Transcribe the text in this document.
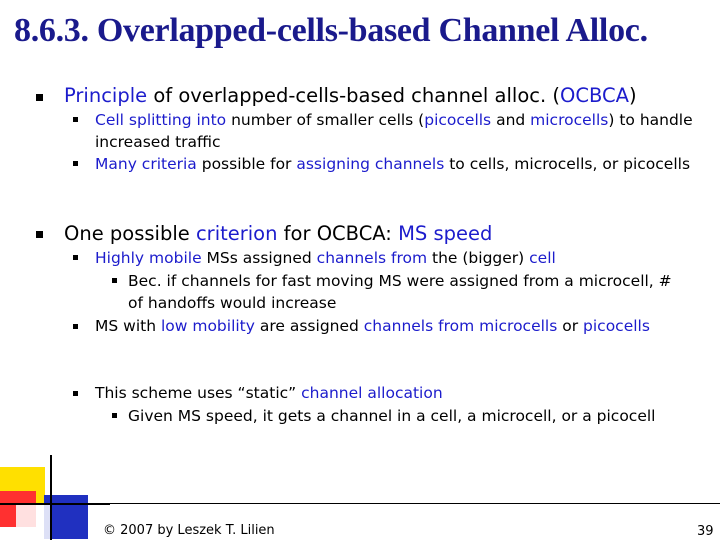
8.6.3. Overlapped-cells-based Channel Alloc.
Principle of overlapped-cells-based channel alloc. (OCBCA)
Cell splitting into number of smaller cells (picocells and microcells) to handle increased traffic
Many criteria possible for assigning channels to cells, microcells, or picocells
One possible criterion for OCBCA: MS speed
Highly mobile MSs assigned channels from the (bigger) cell
Bec. if channels for fast moving MS were assigned from a microcell, # of handoffs would increase
MS with low mobility are assigned channels from microcells or picocells
This scheme uses “static” channel allocation
Given MS speed, it gets a channel in a cell, a microcell, or a picocell
© 2007 by Leszek T. Lilien	39
